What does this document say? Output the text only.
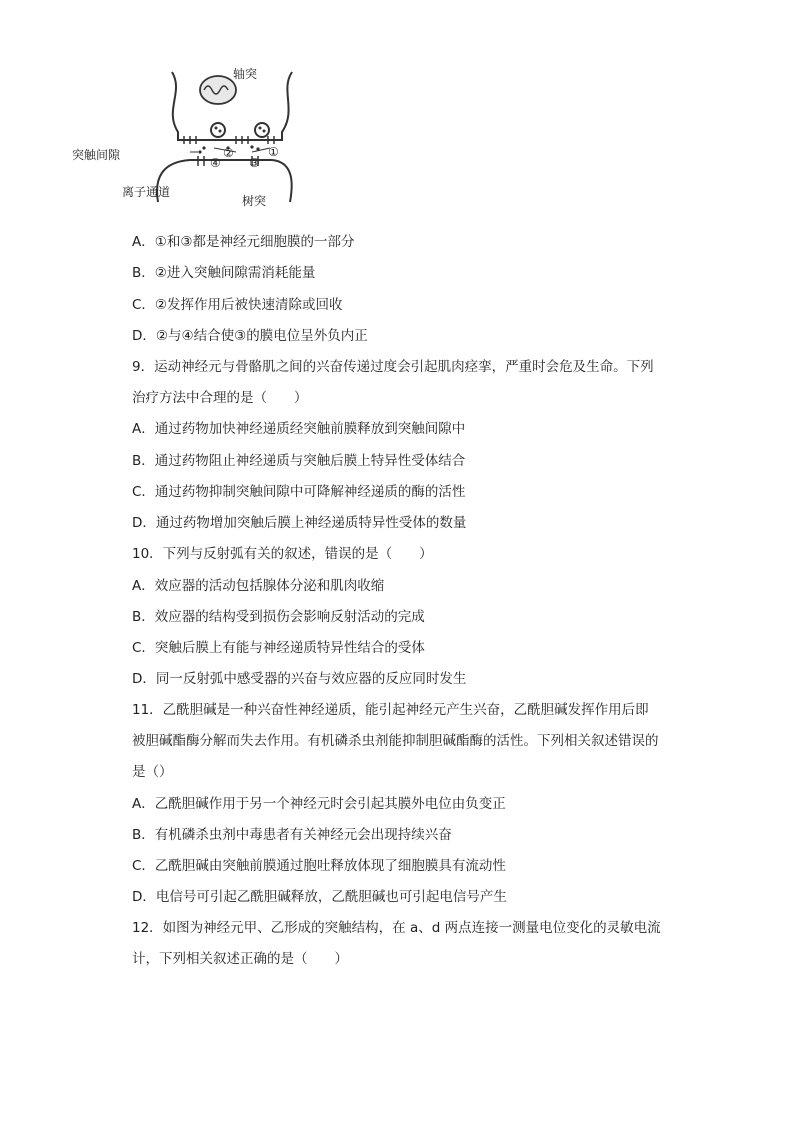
轴突
突触间隙
离子通道
树突
②	①
④ ③
A．①和③都是神经元细胞膜的一部分
B．②进入突触间隙需消耗能量
C．②发挥作用后被快速清除或回收
D．②与④结合使③的膜电位呈外负内正
9．运动神经元与骨骼肌之间的兴奋传递过度会引起肌肉痉挛，严重时会危及生命。下列治疗方法中合理的是（　　）
A．通过药物加快神经递质经突触前膜释放到突触间隙中
B．通过药物阻止神经递质与突触后膜上特异性受体结合
C．通过药物抑制突触间隙中可降解神经递质的酶的活性
D．通过药物增加突触后膜上神经递质特异性受体的数量
10．下列与反射弧有关的叙述，错误的是（　　）
A．效应器的活动包括腺体分泌和肌肉收缩
B．效应器的结构受到损伤会影响反射活动的完成
C．突触后膜上有能与神经递质特异性结合的受体
D．同一反射弧中感受器的兴奋与效应器的反应同时发生
11．乙酰胆碱是一种兴奋性神经递质，能引起神经元产生兴奋，乙酰胆碱发挥作用后即被胆碱酯酶分解而失去作用。有机磷杀虫剂能抑制胆碱酯酶的活性。下列相关叙述错误的是（）
A．乙酰胆碱作用于另一个神经元时会引起其膜外电位由负变正
B．有机磷杀虫剂中毒患者有关神经元会出现持续兴奋
C．乙酰胆碱由突触前膜通过胞吐释放体现了细胞膜具有流动性
D．电信号可引起乙酰胆碱释放，乙酰胆碱也可引起电信号产生
12．如图为神经元甲、乙形成的突触结构，在 a、d 两点连接一测量电位变化的灵敏电流计，下列相关叙述正确的是（　　）
